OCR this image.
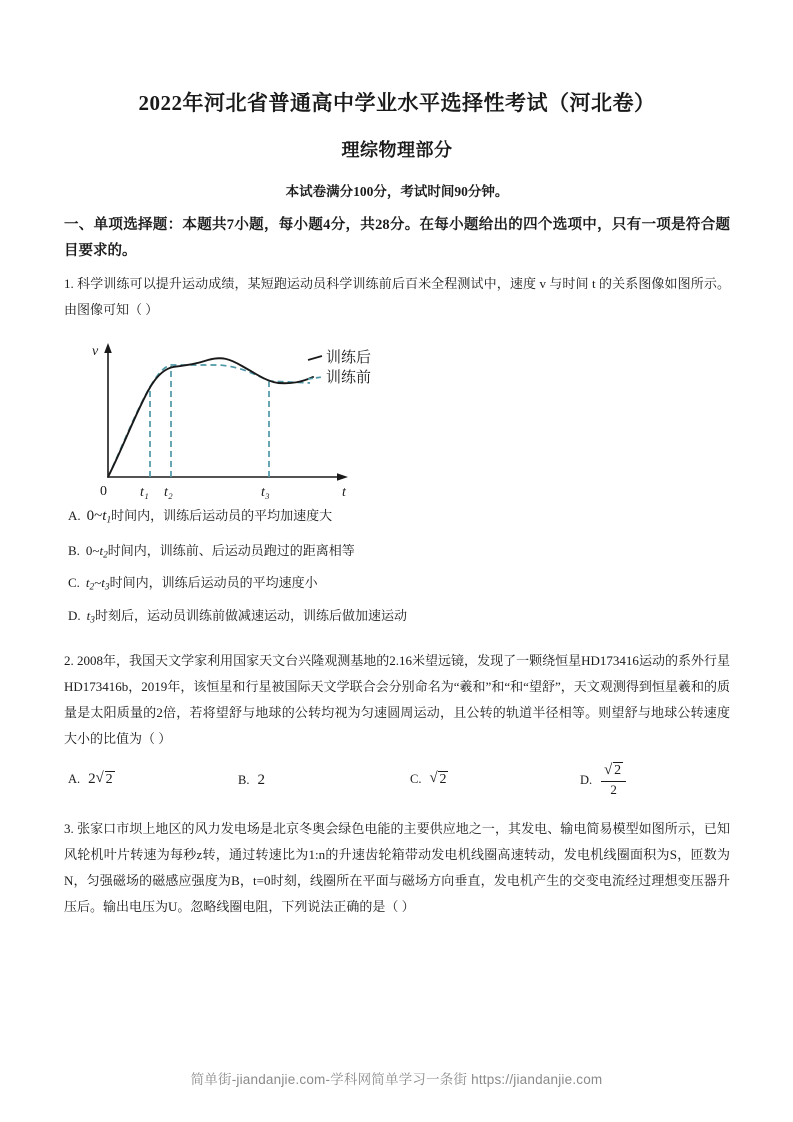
2022年河北省普通高中学业水平选择性考试（河北卷）
理综物理部分
本试卷满分100分，考试时间90分钟。
一、单项选择题：本题共7小题，每小题4分，共28分。在每小题给出的四个选项中，只有一项是符合题目要求的。
1. 科学训练可以提升运动成绩，某短跑运动员科学训练前后百米全程测试中，速度 v 与时间 t 的关系图像如图所示。由图像可知（ ）
v
t
0 t₁ t₂	t₃
训练后
训练前
A. $0\sim t_1$时间内，训练后运动员的平均加速度大
B. $0\sim t_2$时间内，训练前、后运动员跑过的距离相等
C. $t_2\sim t_3$时间内，训练后运动员的平均速度小
D. $t_3$时刻后，运动员训练前做减速运动，训练后做加速运动
2. 2008年，我国天文学家利用国家天文台兴隆观测基地的2.16米望远镜，发现了一颗绕恒星HD173416运动的系外行星HD173416b，2019年，该恒星和行星被国际天文学联合会分别命名为“羲和”和“和“望舒”，天文观测得到恒星羲和的质量是太阳质量的2倍，若将望舒与地球的公转均视为匀速圆周运动，且公转的轨道半径相等。则望舒与地球公转速度大小的比值为（ ）
A. 2 √ 2	B. 2	C.	√ 2	D. √ $\frac{2}{2}$
3. 张家口市坝上地区的风力发电场是北京冬奥会绿色电能的主要供应地之一，其发电、输电简易模型如图所示，已知风轮机叶片转速为每秒z转，通过转速比为1:n的升速齿轮箱带动发电机线圈高速转动，发电机线圈面积为S，匝数为N，匀强磁场的磁感应强度为B，t=0时刻，线圈所在平面与磁场方向垂直，发电机产生的交变电流经过理想变压器升压后。输出电压为U。忽略线圈电阻，下列说法正确的是（ ）
简单街-jiandanjie.com-学科网简单学习一条街 https://jiandanjie.com
